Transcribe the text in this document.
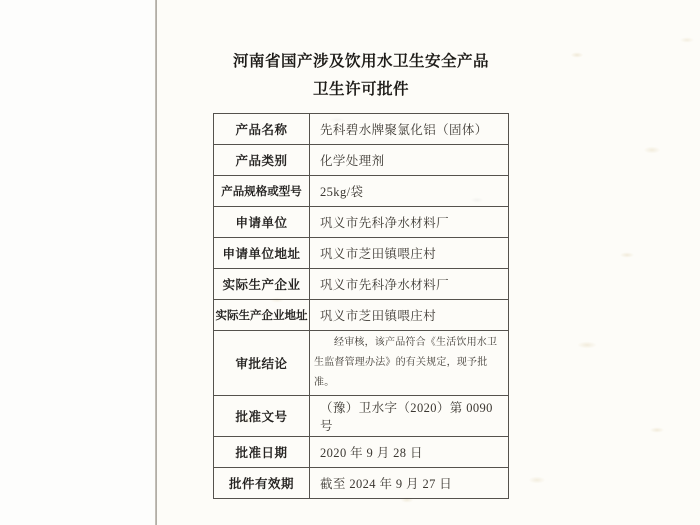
河南省国产涉及饮用水卫生安全产品
卫生许可批件
产品名称	先科碧水牌聚氯化铝（固体）
产品类别	化学处理剂
产品规格或型号	25kg/袋
申请单位	巩义市先科净水材料厂
申请单位地址	巩义市芝田镇喂庄村
实际生产企业	巩义市先科净水材料厂
实际生产企业地址	巩义市芝田镇喂庄村
审批结论	经审核，该产品符合《生活饮用水卫生监督管理办法》的有关规定，现予批准。

批准文号	（豫）卫水字（2020）第 0090 号
批准日期	2020 年 9 月 28 日
批件有效期	截至 2024 年 9 月 27 日
